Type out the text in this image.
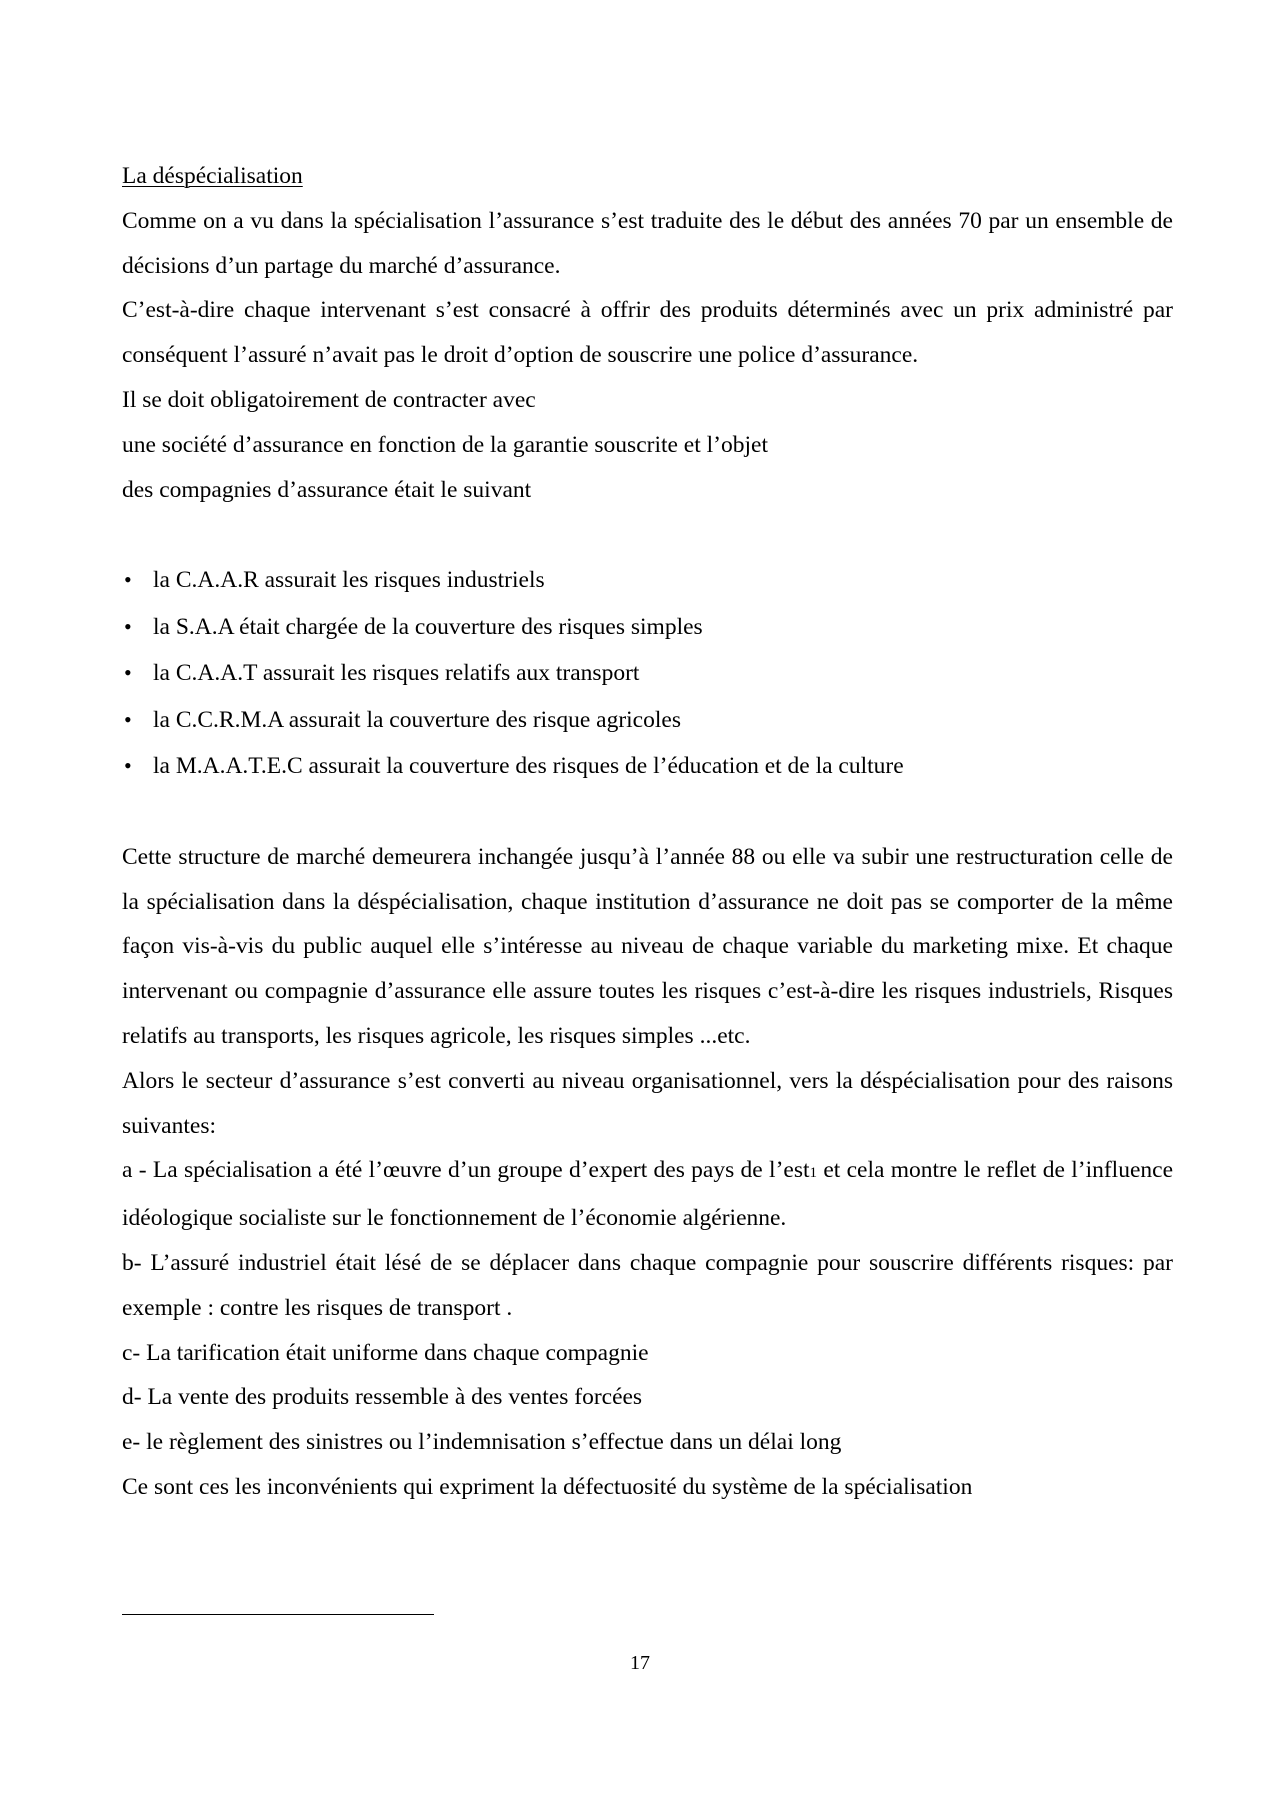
La déspécialisation

Comme on a vu dans la spécialisation l’assurance s’est traduite des le début des années 70 par un ensemble de décisions d’un partage du marché d’assurance.

C’est-à-dire chaque intervenant s’est consacré à offrir des produits déterminés avec un prix administré par conséquent l’assuré n’avait pas le droit d’option de souscrire une police d’assurance.

Il se doit obligatoirement de contracter avec
une société d’assurance en fonction de la garantie souscrite et l’objet
des compagnies d’assurance était le suivant
• la C.A.A.R assurait les risques industriels
• la S.A.A était chargée de la couverture des risques simples
• la C.A.A.T assurait les risques relatifs aux transport
• la C.C.R.M.A assurait la couverture des risque agricoles
• la M.A.A.T.E.C assurait la couverture des risques de l’éducation et de la culture

Cette structure de marché demeurera inchangée jusqu’à l’année 88 ou elle va subir une restructuration celle de la spécialisation dans la déspécialisation, chaque institution d’assurance ne doit pas se comporter de la même façon vis-à-vis du public auquel elle s’intéresse au niveau de chaque variable du marketing mixe. Et chaque intervenant ou compagnie d’assurance elle assure toutes les risques c’est-à-dire les risques industriels, Risques relatifs au transports, les risques agricole, les risques simples ...etc.

Alors le secteur d’assurance s’est converti au niveau organisationnel, vers la déspécialisation pour des raisons suivantes:

a - La spécialisation a été l’œuvre d’un groupe d’expert des pays de l’est1 et cela montre le reflet de l’influence idéologique socialiste sur le fonctionnement de l’économie algérienne.

b- L’assuré industriel était lésé de se déplacer dans chaque compagnie pour souscrire différents risques: par exemple : contre les risques de transport .

c- La tarification était uniforme dans chaque compagnie
d- La vente des produits ressemble à des ventes forcées
e- le règlement des sinistres ou l’indemnisation s’effectue dans un délai long
Ce sont ces les inconvénients qui expriment la défectuosité du système de la spécialisation
17
